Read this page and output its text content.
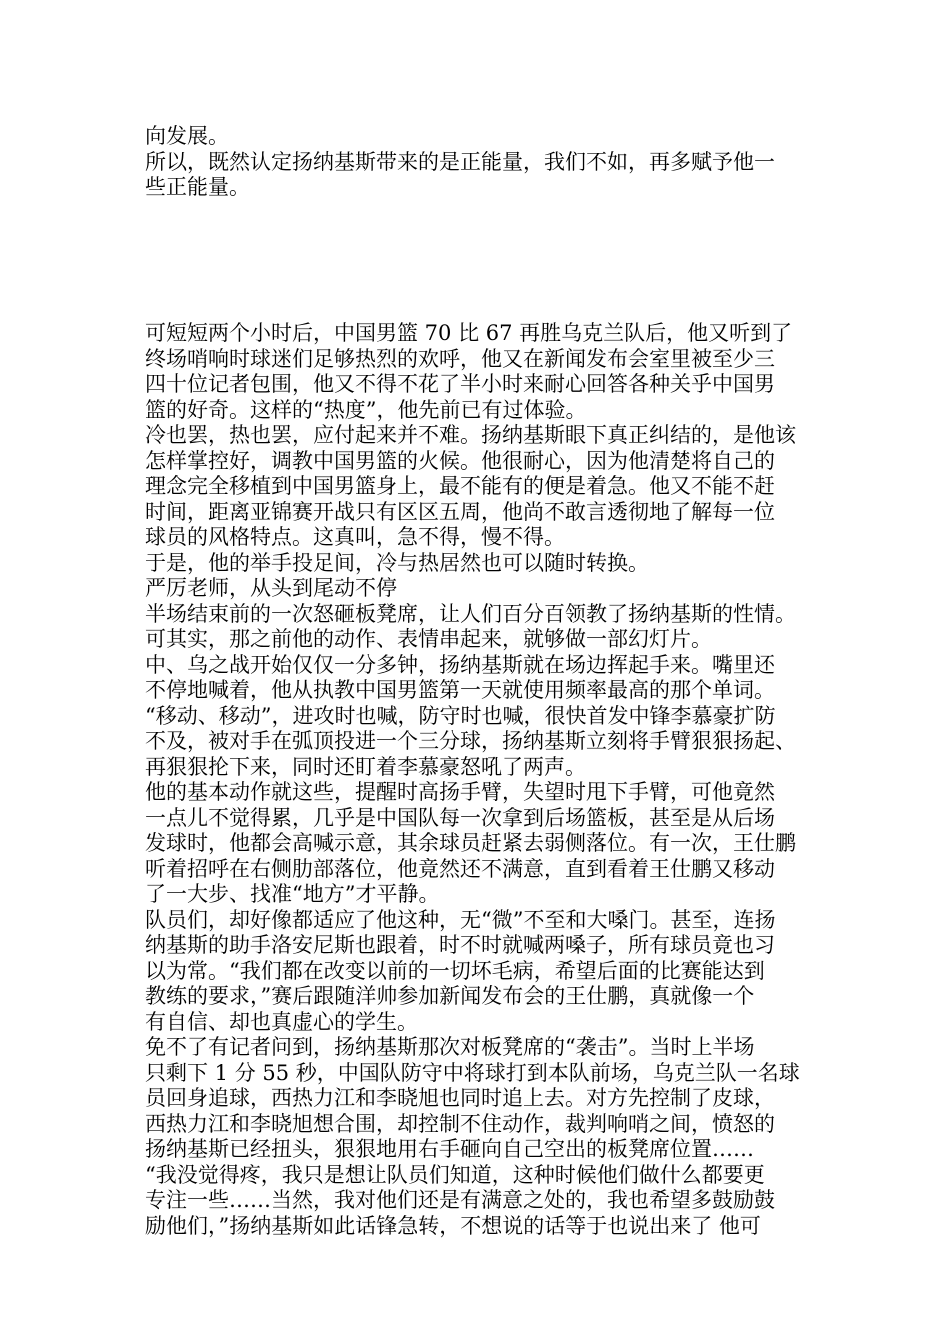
向发展。
所以，既然认定扬纳基斯带来的是正能量，我们不如，再多赋予他一
些正能量。
可短短两个小时后，中国男篮 70 比 67 再胜乌克兰队后，他又听到了
终场哨响时球迷们足够热烈的欢呼，他又在新闻发布会室里被至少三
四十位记者包围，他又不得不花了半小时来耐心回答各种关乎中国男
篮的好奇。这样的“热度”，他先前已有过体验。
冷也罢，热也罢，应付起来并不难。扬纳基斯眼下真正纠结的，是他该
怎样掌控好，调教中国男篮的火候。他很耐心，因为他清楚将自己的
理念完全移植到中国男篮身上，最不能有的便是着急。他又不能不赶
时间，距离亚锦赛开战只有区区五周，他尚不敢言透彻地了解每一位
球员的风格特点。这真叫，急不得，慢不得。
于是，他的举手投足间，冷与热居然也可以随时转换。
严厉老师，从头到尾动不停
半场结束前的一次怒砸板凳席，让人们百分百领教了扬纳基斯的性情。
可其实，那之前他的动作、表情串起来，就够做一部幻灯片。
中、乌之战开始仅仅一分多钟，扬纳基斯就在场边挥起手来。嘴里还
不停地喊着，他从执教中国男篮第一天就使用频率最高的那个单词。
“移动、移动”，进攻时也喊，防守时也喊，很快首发中锋李慕豪扩防
不及，被对手在弧顶投进一个三分球，扬纳基斯立刻将手臂狠狠扬起、
再狠狠抡下来，同时还盯着李慕豪怒吼了两声。
他的基本动作就这些，提醒时高扬手臂，失望时甩下手臂，可他竟然
一点儿不觉得累，几乎是中国队每一次拿到后场篮板，甚至是从后场
发球时，他都会高喊示意，其余球员赶紧去弱侧落位。有一次，王仕鹏
听着招呼在右侧肋部落位，他竟然还不满意，直到看着王仕鹏又移动
了一大步、找准“地方”才平静。
队员们，却好像都适应了他这种，无“微”不至和大嗓门。甚至，连扬
纳基斯的助手洛安尼斯也跟着，时不时就喊两嗓子，所有球员竟也习
以为常。“我们都在改变以前的一切坏毛病，希望后面的比赛能达到
教练的要求，”赛后跟随洋帅参加新闻发布会的王仕鹏，真就像一个
有自信、却也真虚心的学生。
免不了有记者问到，扬纳基斯那次对板凳席的“袭击”。当时上半场
只剩下 1 分 55 秒，中国队防守中将球打到本队前场，乌克兰队一名球
员回身追球，西热力江和李晓旭也同时追上去。对方先控制了皮球，
西热力江和李晓旭想合围，却控制不住动作，裁判响哨之间，愤怒的
扬纳基斯已经扭头，狠狠地用右手砸向自己空出的板凳席位置……
“我没觉得疼，我只是想让队员们知道，这种时候他们做什么都要更
专注一些……当然，我对他们还是有满意之处的，我也希望多鼓励鼓
励他们，”扬纳基斯如此话锋急转，不想说的话等于也说出来了 他可
